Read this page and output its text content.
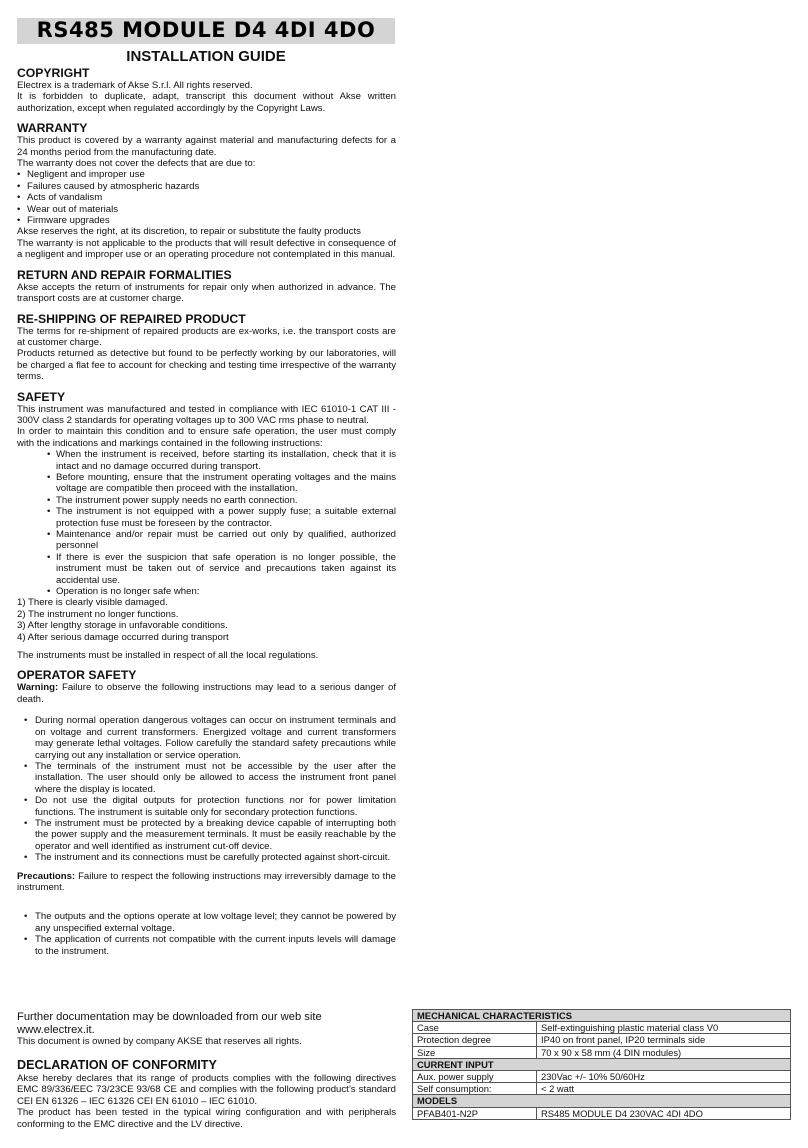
RS485 MODULE D4 4DI 4DO
INSTALLATION GUIDE
COPYRIGHT

Electrex is a trademark of Akse S.r.l. All rights reserved.

It is forbidden to duplicate, adapt, transcript this document without Akse written authorization, except when regulated accordingly by the Copyright Laws.

WARRANTY

This product is covered by a warranty against material and manufacturing defects for a 24 months period from the manufacturing date.

The warranty does not cover the defects that are due to:

• Negligent and improper use
• Failures caused by atmospheric hazards
• Acts of vandalism
• Wear out of materials
• Firmware upgrades

Akse reserves the right, at its discretion, to repair or substitute the faulty products

The warranty is not applicable to the products that will result defective in consequence of a negligent and improper use or an operating procedure not contemplated in this manual.

RETURN AND REPAIR FORMALITIES

Akse accepts the return of instruments for repair only when authorized in advance. The transport costs are at customer charge.

RE-SHIPPING OF REPAIRED PRODUCT

The terms for re-shipment of repaired products are ex-works, i.e. the transport costs are at customer charge.

Products returned as detective but found to be perfectly working by our laboratories, will be charged a flat fee to account for checking and testing time irrespective of the warranty terms.

SAFETY

This instrument was manufactured and tested in compliance with IEC 61010-1 CAT III - 300V class 2 standards for operating voltages up to 300 VAC rms phase to neutral.

In order to maintain this condition and to ensure safe operation, the user must comply with the indications and markings contained in the following instructions:

• When the instrument is received, before starting its installation, check that it is intact and no damage occurred during transport.
• Before mounting, ensure that the instrument operating voltages and the mains voltage are compatible then proceed with the installation.
• The instrument power supply needs no earth connection.
• The instrument is not equipped with a power supply fuse; a suitable external protection fuse must be foreseen by the contractor.
• Maintenance and/or repair must be carried out only by qualified, authorized personnel
• If there is ever the suspicion that safe operation is no longer possible, the instrument must be taken out of service and precautions taken against its accidental use.
• Operation is no longer safe when:

1) There is clearly visible damaged.

2) The instrument no longer functions.

3) After lengthy storage in unfavorable conditions.

4) After serious damage occurred during transport

The instruments must be installed in respect of all the local regulations.

OPERATOR SAFETY

Warning: Failure to observe the following instructions may lead to a serious danger of death.

• During normal operation dangerous voltages can occur on instrument terminals and on voltage and current transformers. Energized voltage and current transformers may generate lethal voltages. Follow carefully the standard safety precautions while carrying out any installation or service operation.
• The terminals of the instrument must not be accessible by the user after the installation. The user should only be allowed to access the instrument front panel where the display is located.
• Do not use the digital outputs for protection functions nor for power limitation functions. The instrument is suitable only for secondary protection functions.
• The instrument must be protected by a breaking device capable of interrupting both the power supply and the measurement terminals. It must be easily reachable by the operator and well identified as instrument cut-off device.
• The instrument and its connections must be carefully protected against short-circuit.

Precautions: Failure to respect the following instructions may irreversibly damage to the instrument.

• The outputs and the options operate at low voltage level; they cannot be powered by any unspecified external voltage.
• The application of currents not compatible with the current inputs levels will damage to the instrument.
Further documentation may be downloaded from our web site www.electrex.it.
This document is owned by company AKSE that reserves all rights.
DECLARATION OF CONFORMITY

Akse hereby declares that its range of products complies with the following directives EMC 89/336/EEC 73/23CE 93/68 CE and complies with the following product’s standard CEI EN 61326 – IEC 61326 CEI EN 61010 – IEC 61010.

The product has been tested in the typical wiring configuration and with peripherals conforming to the EMC directive and the LV directive.

MECHANICAL CHARACTERISTICS	
Case	Self-extinguishing plastic material class V0
Protection degree	IP40 on front panel, IP20 terminals side
Size	70 x 90 x 58 mm (4 DIN modules)
CURRENT INPUT	
Aux. power supply	230Vac +/- 10% 50/60Hz
Self consumption:	< 2 watt
MODELS	
PFAB401-N2P	RS485 MODULE D4 230VAC 4DI 4DO
